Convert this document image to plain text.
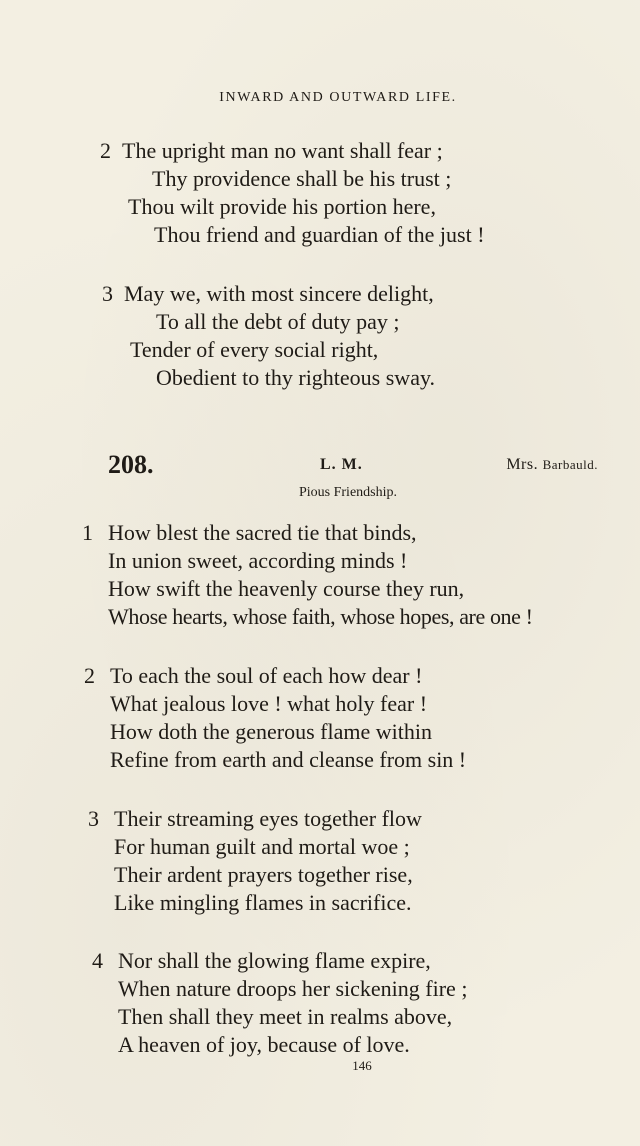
INWARD AND OUTWARD LIFE.
2 The upright man no want shall fear ;
Thy providence shall be his trust ;
Thou wilt provide his portion here,
Thou friend and guardian of the just !
3 May we, with most sincere delight,
To all the debt of duty pay ;
Tender of every social right,
Obedient to thy righteous sway.
208.	L. M.	Mrs. Barbauld.
Pious Friendship.
1 How blest the sacred tie that binds,
In union sweet, according minds !
How swift the heavenly course they run,
Whose hearts, whose faith, whose hopes, are one !
2 To each the soul of each how dear !
What jealous love ! what holy fear !
How doth the generous flame within
Refine from earth and cleanse from sin !
3 Their streaming eyes together flow
For human guilt and mortal woe ;
Their ardent prayers together rise,
Like mingling flames in sacrifice.
4 Nor shall the glowing flame expire,
When nature droops her sickening fire ;
Then shall they meet in realms above,
A heaven of joy, because of love.
146
